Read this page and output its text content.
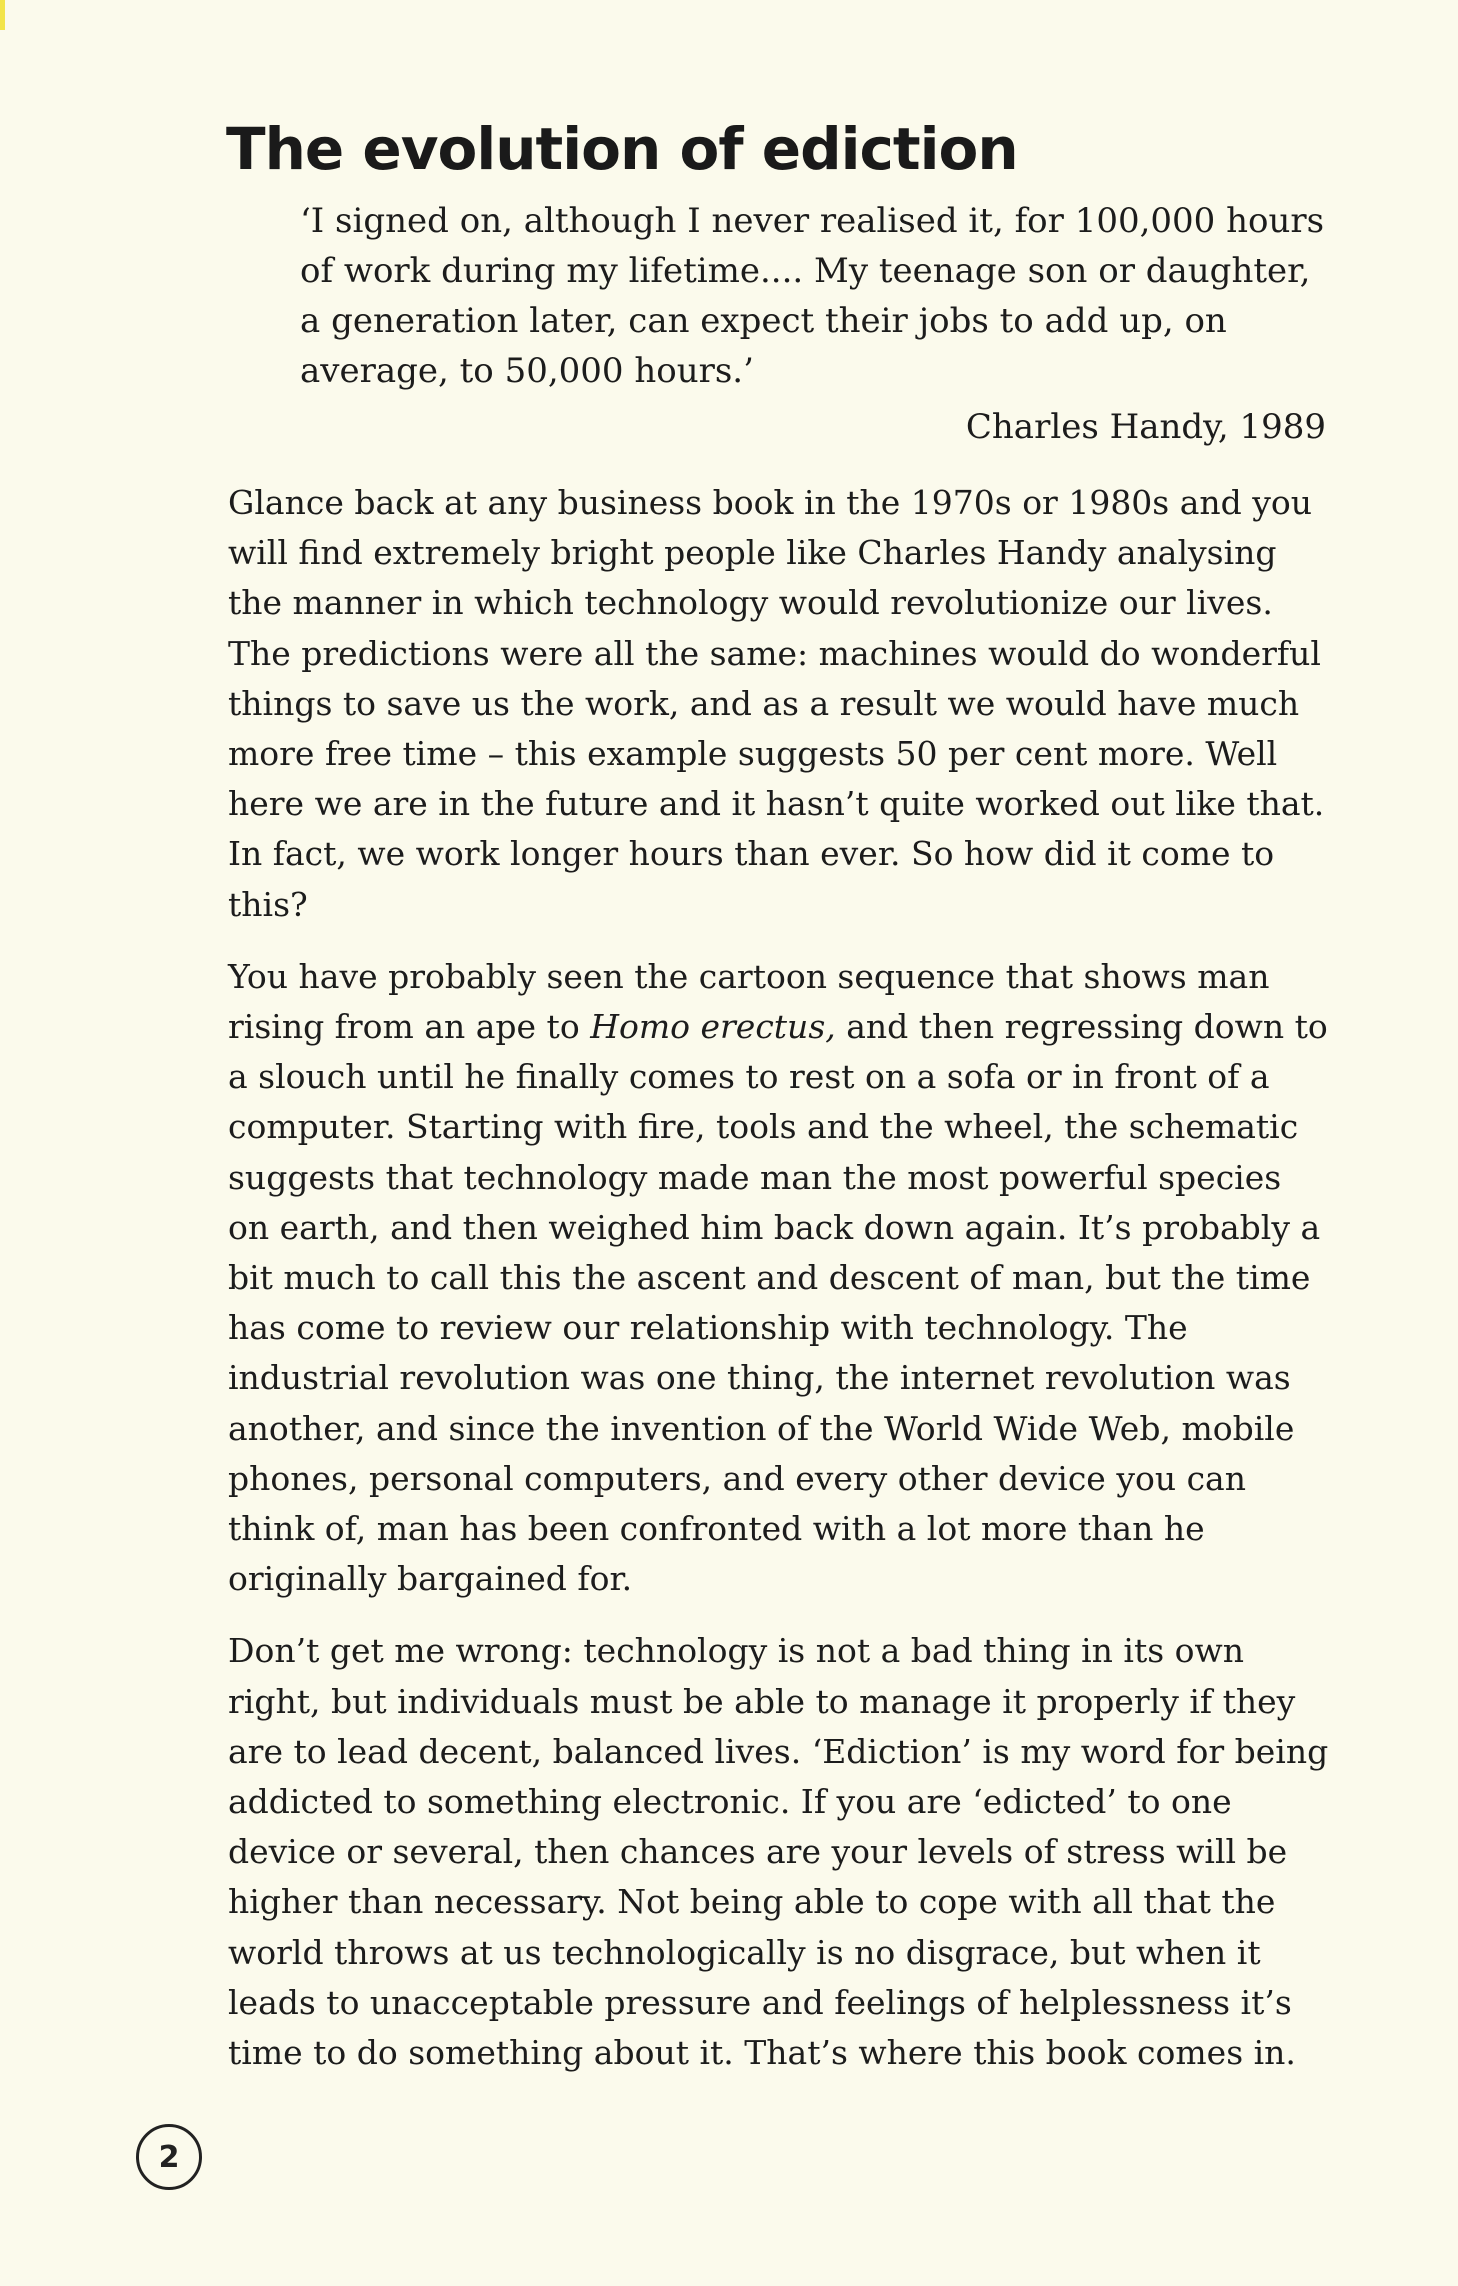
The evolution of ediction

‘I signed on, although I never realised it, for 100,000 hours of work during my lifetime.... My teenage son or daughter, a generation later, can expect their jobs to add up, on average, to 50,000 hours.’

Charles Handy, 1989

Glance back at any business book in the 1970s or 1980s and you will find extremely bright people like Charles Handy analysing the manner in which technology would revolutionize our lives. The predictions were all the same: machines would do wonderful things to save us the work, and as a result we would have much more free time – this example suggests 50 per cent more. Well here we are in the future and it hasn’t quite worked out like that. In fact, we work longer hours than ever. So how did it come to this?

You have probably seen the cartoon sequence that shows man rising from an ape to Homo erectus, and then regressing down to a slouch until he finally comes to rest on a sofa or in front of a computer. Starting with fire, tools and the wheel, the schematic suggests that technology made man the most powerful species on earth, and then weighed him back down again. It’s probably a bit much to call this the ascent and descent of man, but the time has come to review our relationship with technology. The industrial revolution was one thing, the internet revolution was another, and since the invention of the World Wide Web, mobile phones, personal computers, and every other device you can think of, man has been confronted with a lot more than he originally bargained for.

Don’t get me wrong: technology is not a bad thing in its own right, but individuals must be able to manage it properly if they are to lead decent, balanced lives. ‘Ediction’ is my word for being addicted to something electronic. If you are ‘edicted’ to one device or several, then chances are your levels of stress will be higher than necessary. Not being able to cope with all that the world throws at us technologically is no disgrace, but when it leads to unacceptable pressure and feelings of helplessness it’s time to do something about it. That’s where this book comes in.

2
